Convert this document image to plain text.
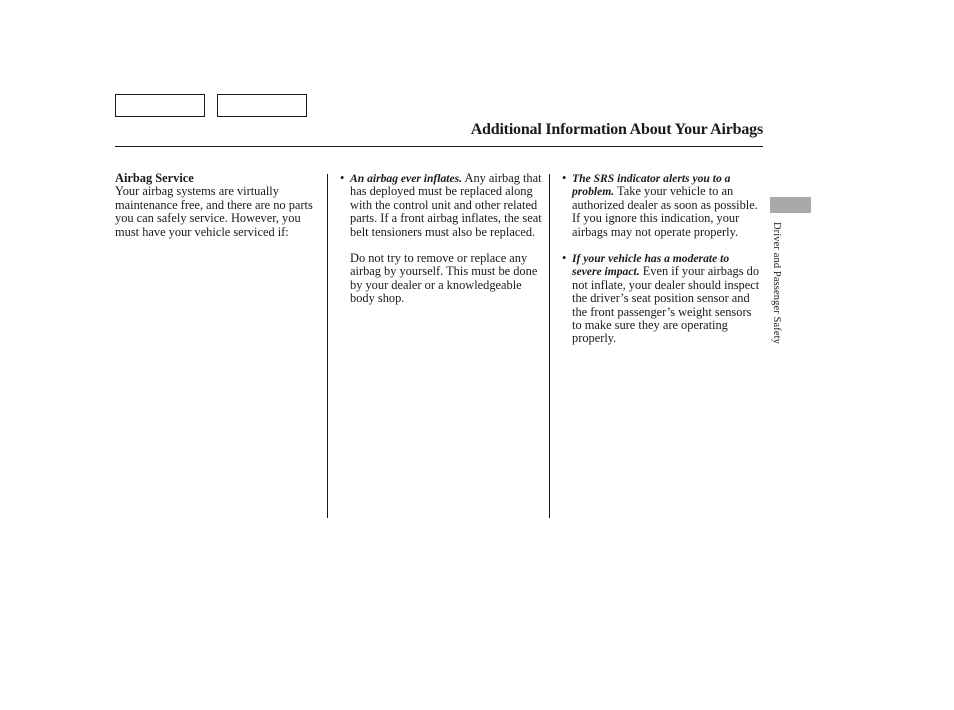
Additional Information About Your Airbags
Airbag Service

Your airbag systems are virtually maintenance free, and there are no parts you can safely service. However, you must have your vehicle serviced if:

• An airbag ever inflates. Any airbag that has deployed must be replaced along with the control unit and other related parts. If a front airbag inflates, the seat belt tensioners must also be replaced.

Do not try to remove or replace any airbag by yourself. This must be done by your dealer or a knowledgeable body shop.

• The SRS indicator alerts you to a problem. Take your vehicle to an authorized dealer as soon as possible. If you ignore this indication, your airbags may not operate properly.
• If your vehicle has a moderate to severe impact. Even if your airbags do not inflate, your dealer should inspect the driver’s seat position sensor and the front passenger’s weight sensors to make sure they are operating properly.	Driver and Passenger Safety
